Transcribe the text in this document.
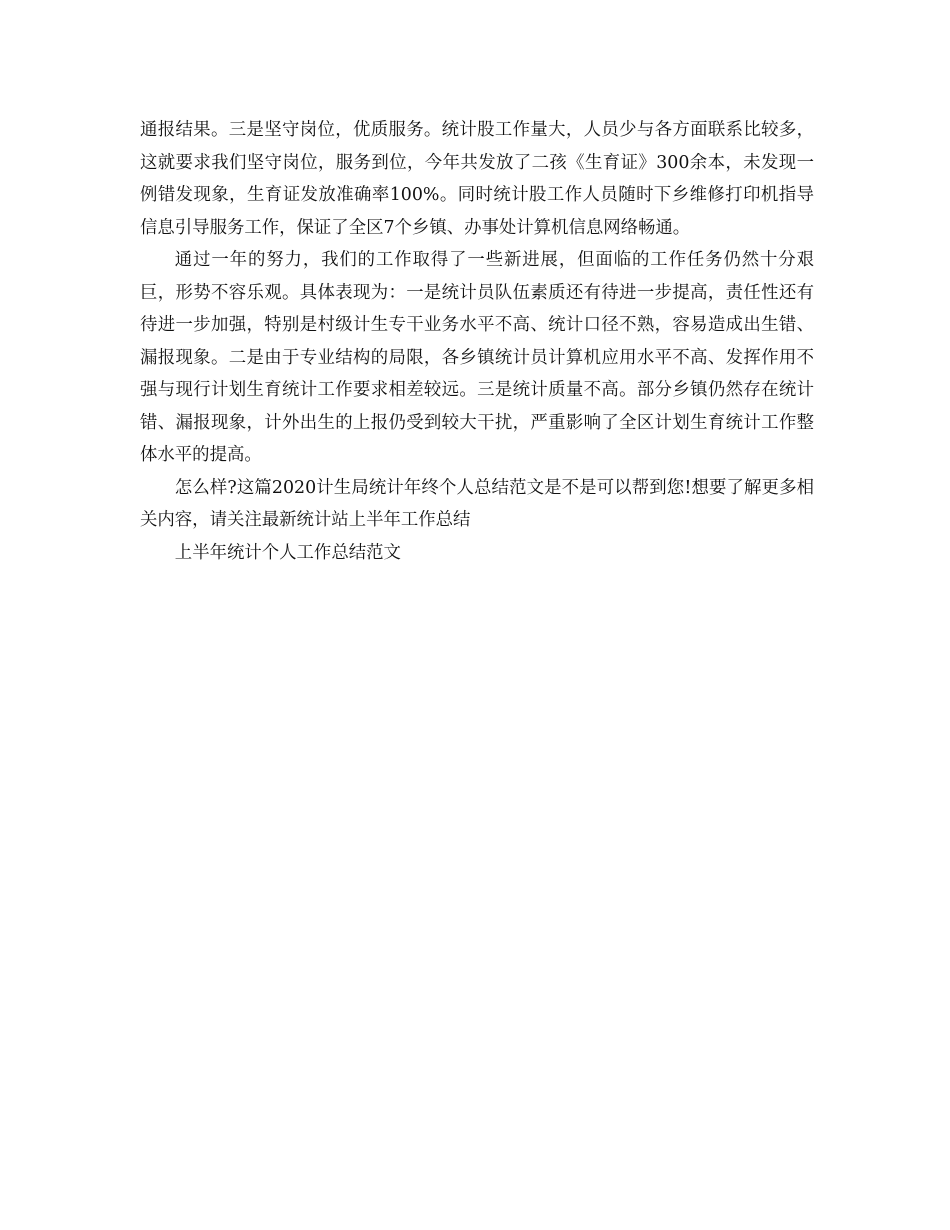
通报结果。三是坚守岗位，优质服务。统计股工作量大，人员少与各方面联系比较多，这就要求我们坚守岗位，服务到位，今年共发放了二孩《生育证》300余本，未发现一例错发现象，生育证发放准确率100%。同时统计股工作人员随时下乡维修打印机指导信息引导服务工作，保证了全区7个乡镇、办事处计算机信息网络畅通。

通过一年的努力，我们的工作取得了一些新进展，但面临的工作任务仍然十分艰巨，形势不容乐观。具体表现为：一是统计员队伍素质还有待进一步提高，责任性还有待进一步加强，特别是村级计生专干业务水平不高、统计口径不熟，容易造成出生错、漏报现象。二是由于专业结构的局限，各乡镇统计员计算机应用水平不高、发挥作用不强与现行计划生育统计工作要求相差较远。三是统计质量不高。部分乡镇仍然存在统计错、漏报现象，计外出生的上报仍受到较大干扰，严重影响了全区计划生育统计工作整体水平的提高。

怎么样?这篇2020计生局统计年终个人总结范文是不是可以帮到您!想要了解更多相关内容，请关注最新统计站上半年工作总结

上半年统计个人工作总结范文
